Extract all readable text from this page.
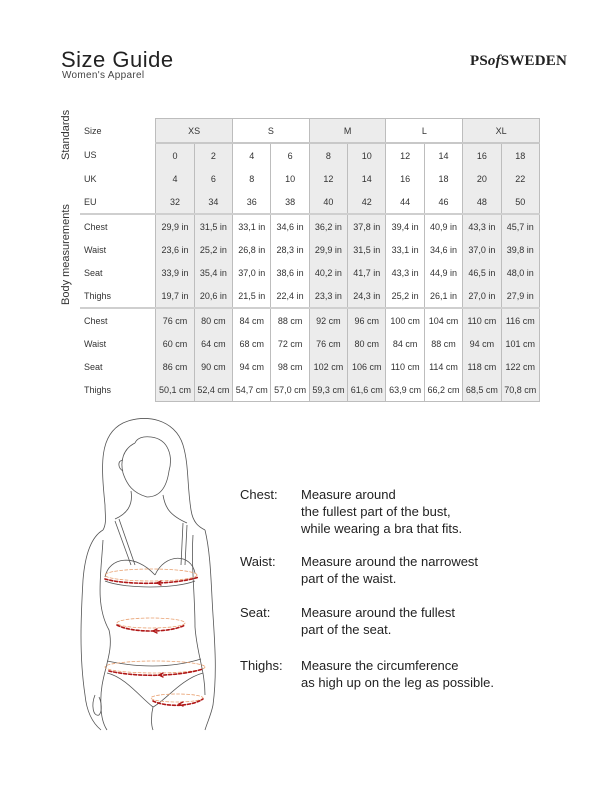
Size Guide
Women's Apparel
PSofSWEDEN
Standards
Body measurements
Size	XS		S		M		L		XL	
US	0	2	4	6	8	10	12	14	16	18
UK	4	6	8	10	12	14	16	18	20	22
EU	32	34	36	38	40	42	44	46	48	50
Chest	29,9 in	31,5 in	33,1 in	34,6 in	36,2 in	37,8 in	39,4 in	40,9 in	43,3 in	45,7 in
Waist	23,6 in	25,2 in	26,8 in	28,3 in	29,9 in	31,5 in	33,1 in	34,6 in	37,0 in	39,8 in
Seat	33,9 in	35,4 in	37,0 in	38,6 in	40,2 in	41,7 in	43,3 in	44,9 in	46,5 in	48,0 in
Thighs	19,7 in	20,6 in	21,5 in	22,4 in	23,3 in	24,3 in	25,2 in	26,1 in	27,0 in	27,9 in
Chest	76 cm	80 cm	84 cm	88 cm	92 cm	96 cm	100 cm	104 cm	110 cm	116 cm
Waist	60 cm	64 cm	68 cm	72 cm	76 cm	80 cm	84 cm	88 cm	94 cm	101 cm
Seat	86 cm	90 cm	94 cm	98 cm	102 cm	106 cm	110 cm	114 cm	118 cm	122 cm
Thighs	50,1 cm	52,4 cm	54,7 cm	57,0 cm	59,3 cm	61,6 cm	63,9 cm	66,2 cm	68,5 cm	70,8 cm
Chest: Measure around
the fullest part of the bust,
while wearing a bra that fits.
Waist: Measure around the narrowest
part of the waist.
Seat: Measure around the fullest
part of the seat.
Thighs: Measure the circumference
as high up on the leg as possible.
